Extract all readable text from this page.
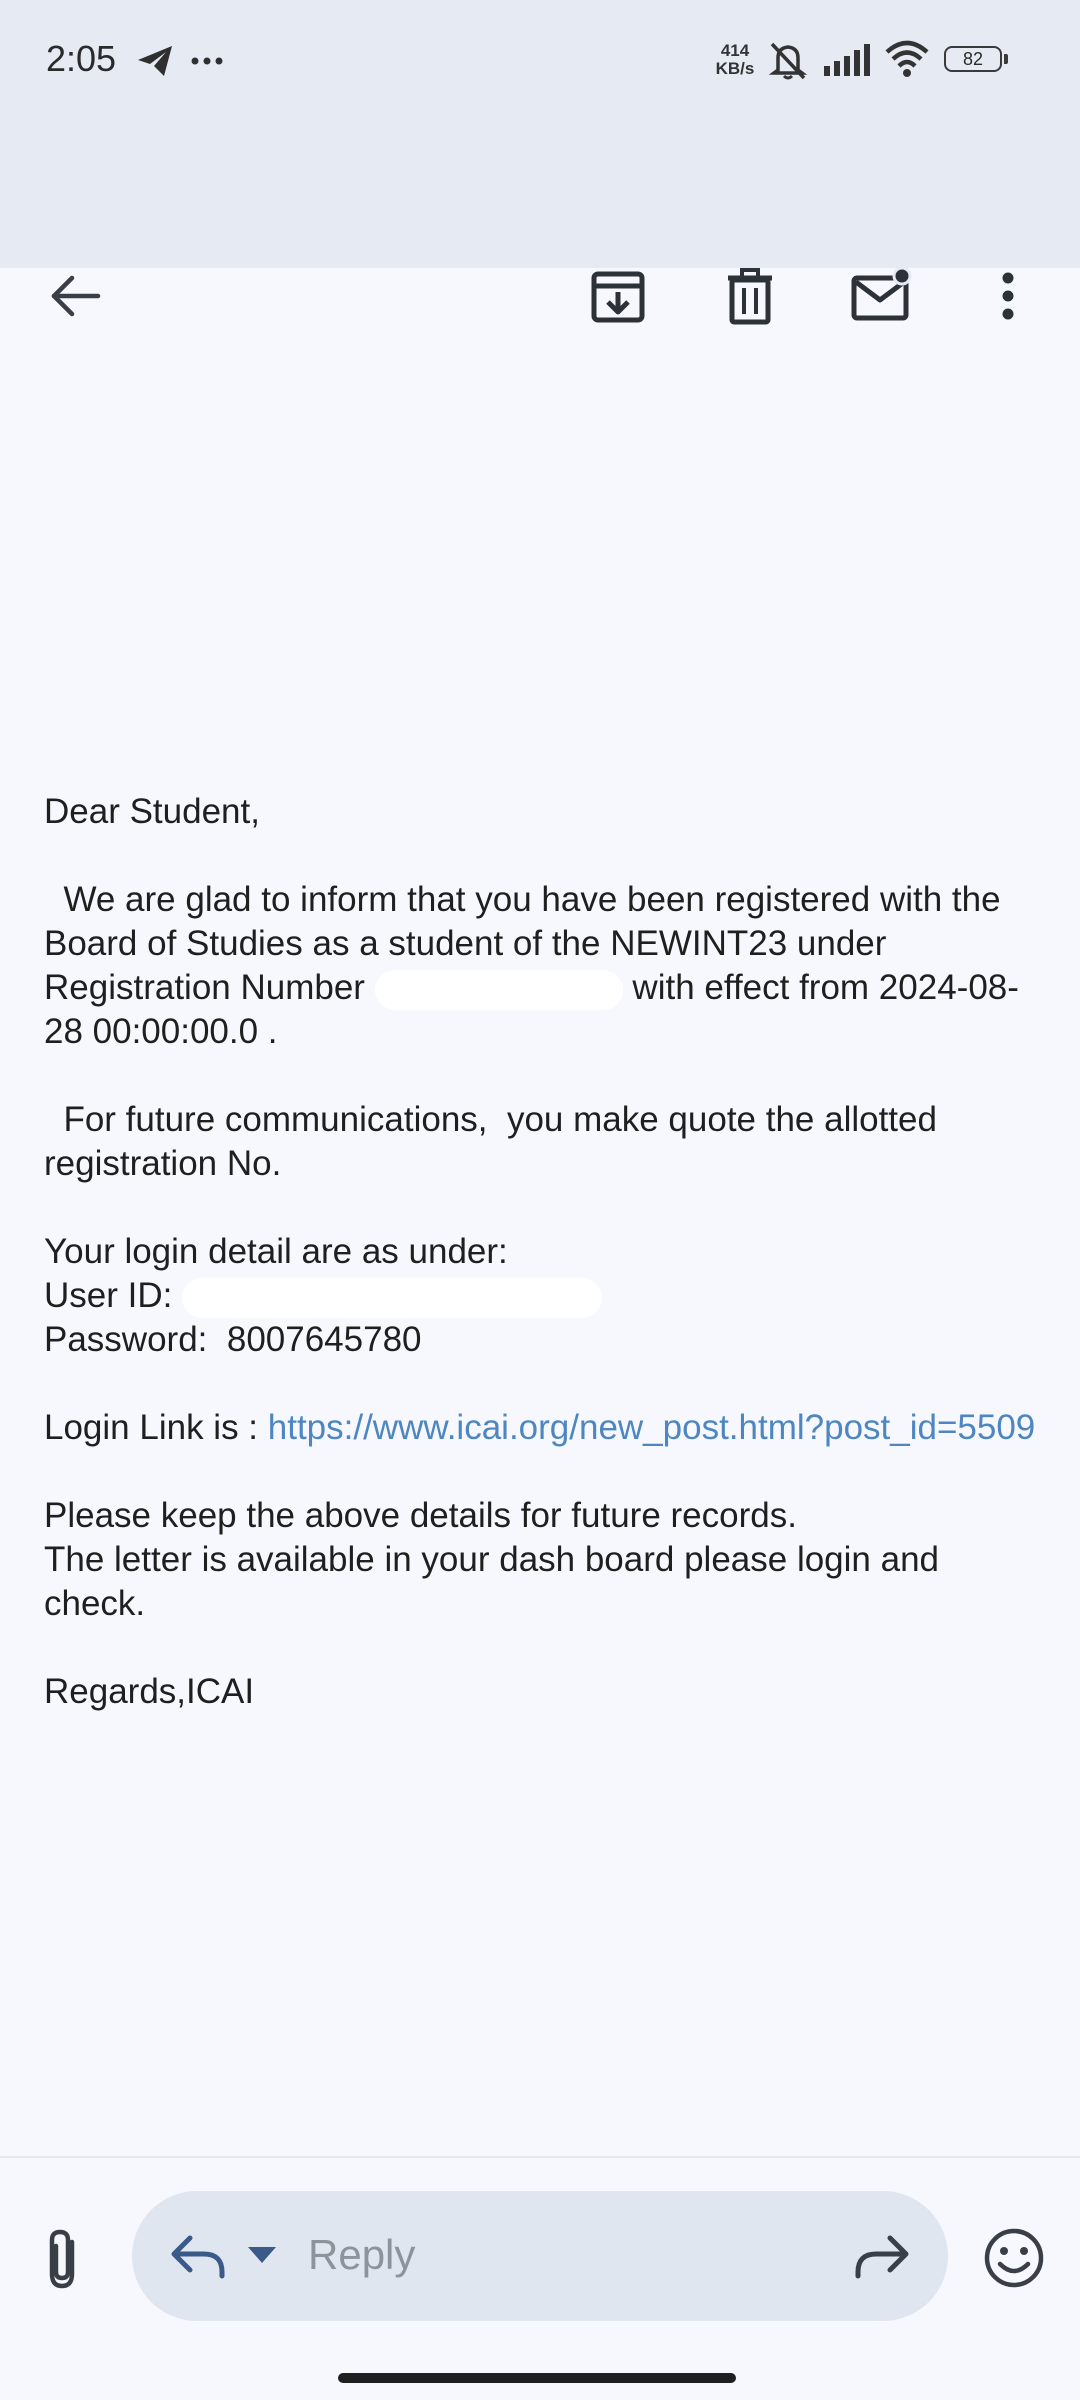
2:05	414
KB/s	82

Dear Student,

We are glad to inform that you have been registered with the Board of Studies as a student of the NEWINT23 under Registration Number	with effect from 2024-08-28 00:00:00.0 .

For future communications,  you make quote the allotted registration No.

Your login detail are as under:

User ID:

Password:  8007645780

Login Link is : https://www.icai.org/new_post.html?post_id=5509

Please keep the above details for future records.

The letter is available in your dash board please login and check.

Regards,ICAI

Reply
